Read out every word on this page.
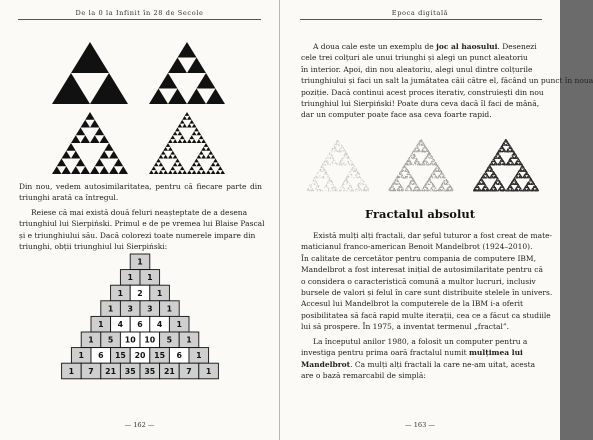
De la 0 la Infinit în 28 de Secole

Din nou, vedem autosimilaritatea, pentru că fiecare parte din triunghi arată ca întregul.

Reiese că mai există două feluri neașteptate de a desena
triunghiul lui Sierpiński. Primul e de pe vremea lui Blaise Pascal
și e triunghiului său. Dacă colorezi toate numerele impare din
triunghi, obții triunghiul lui Sierpiński:

1
1 1
1 2 1
1 3 3 1
1 4 6 4 1
1 5 10 10 5 1
1 6 15 20 15 6 1
1 7 21 35 35 21 7 1
— 162 —
Epoca digitală
A doua cale este un exemplu de joc al haosului. Desenezi
cele trei colțuri ale unui triunghi și alegi un punct aleatoriu
în interior. Apoi, din nou aleatoriu, alegi unul dintre colțurile
triunghiului și faci un salt la jumătatea căii către el, făcând un punct în noua
poziție. Dacă continui acest proces iterativ, construiești din nou
triunghiul lui Sierpiński! Poate dura ceva dacă îl faci de mână,
dar un computer poate face asa ceva foarte rapid.
Fractalul absolut
Există mulți alți fractali, dar șeful tuturor a fost creat de mate-
maticianul franco-american Benoit Mandelbrot (1924–2010).
În calitate de cercetător pentru compania de computere IBM,
Mandelbrot a fost interesat inițial de autosimilaritate pentru că
o considera o caracteristică comună a multor lucruri, inclusiv
bursele de valori și felul în care sunt distribuite stelele în univers.
Accesul lui Mandelbrot la computerele de la IBM i-a oferit
posibilitatea să facă rapid multe iterații, cea ce a făcut ca studiile
lui să prospere. În 1975, a inventat termenul „fractal”.
La începutul anilor 1980, a folosit un computer pentru a
investiga pentru prima oară fractalul numit mulțimea lui
Mandelbrot. Ca mulți alți fractali la care ne-am uitat, acesta
are o bază remarcabil de simplă:
— 163 —
